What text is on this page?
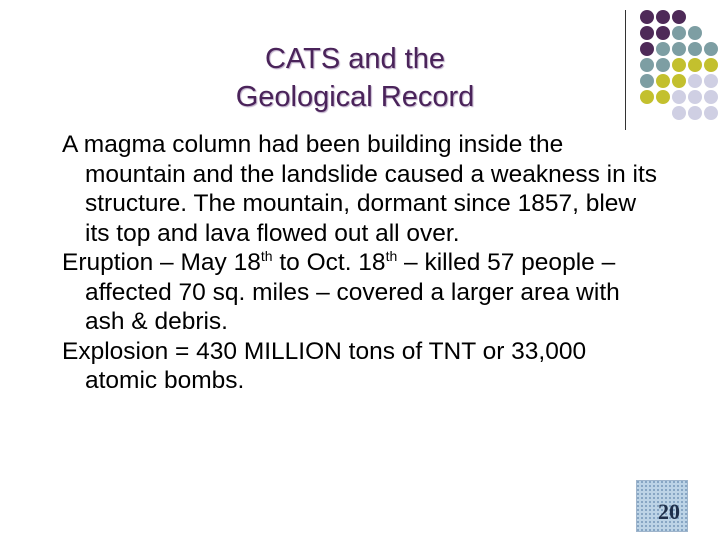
CATS and the
Geological Record

A magma column had been building inside the mountain and the landslide caused a weakness in its structure. The mountain, dormant since 1857, blew its top and lava flowed out all over.

Eruption – May 18th to Oct. 18th – killed 57 people – affected 70 sq. miles – covered a larger area with ash & debris.

Explosion = 430 MILLION tons of TNT or 33,000 atomic bombs.

20
